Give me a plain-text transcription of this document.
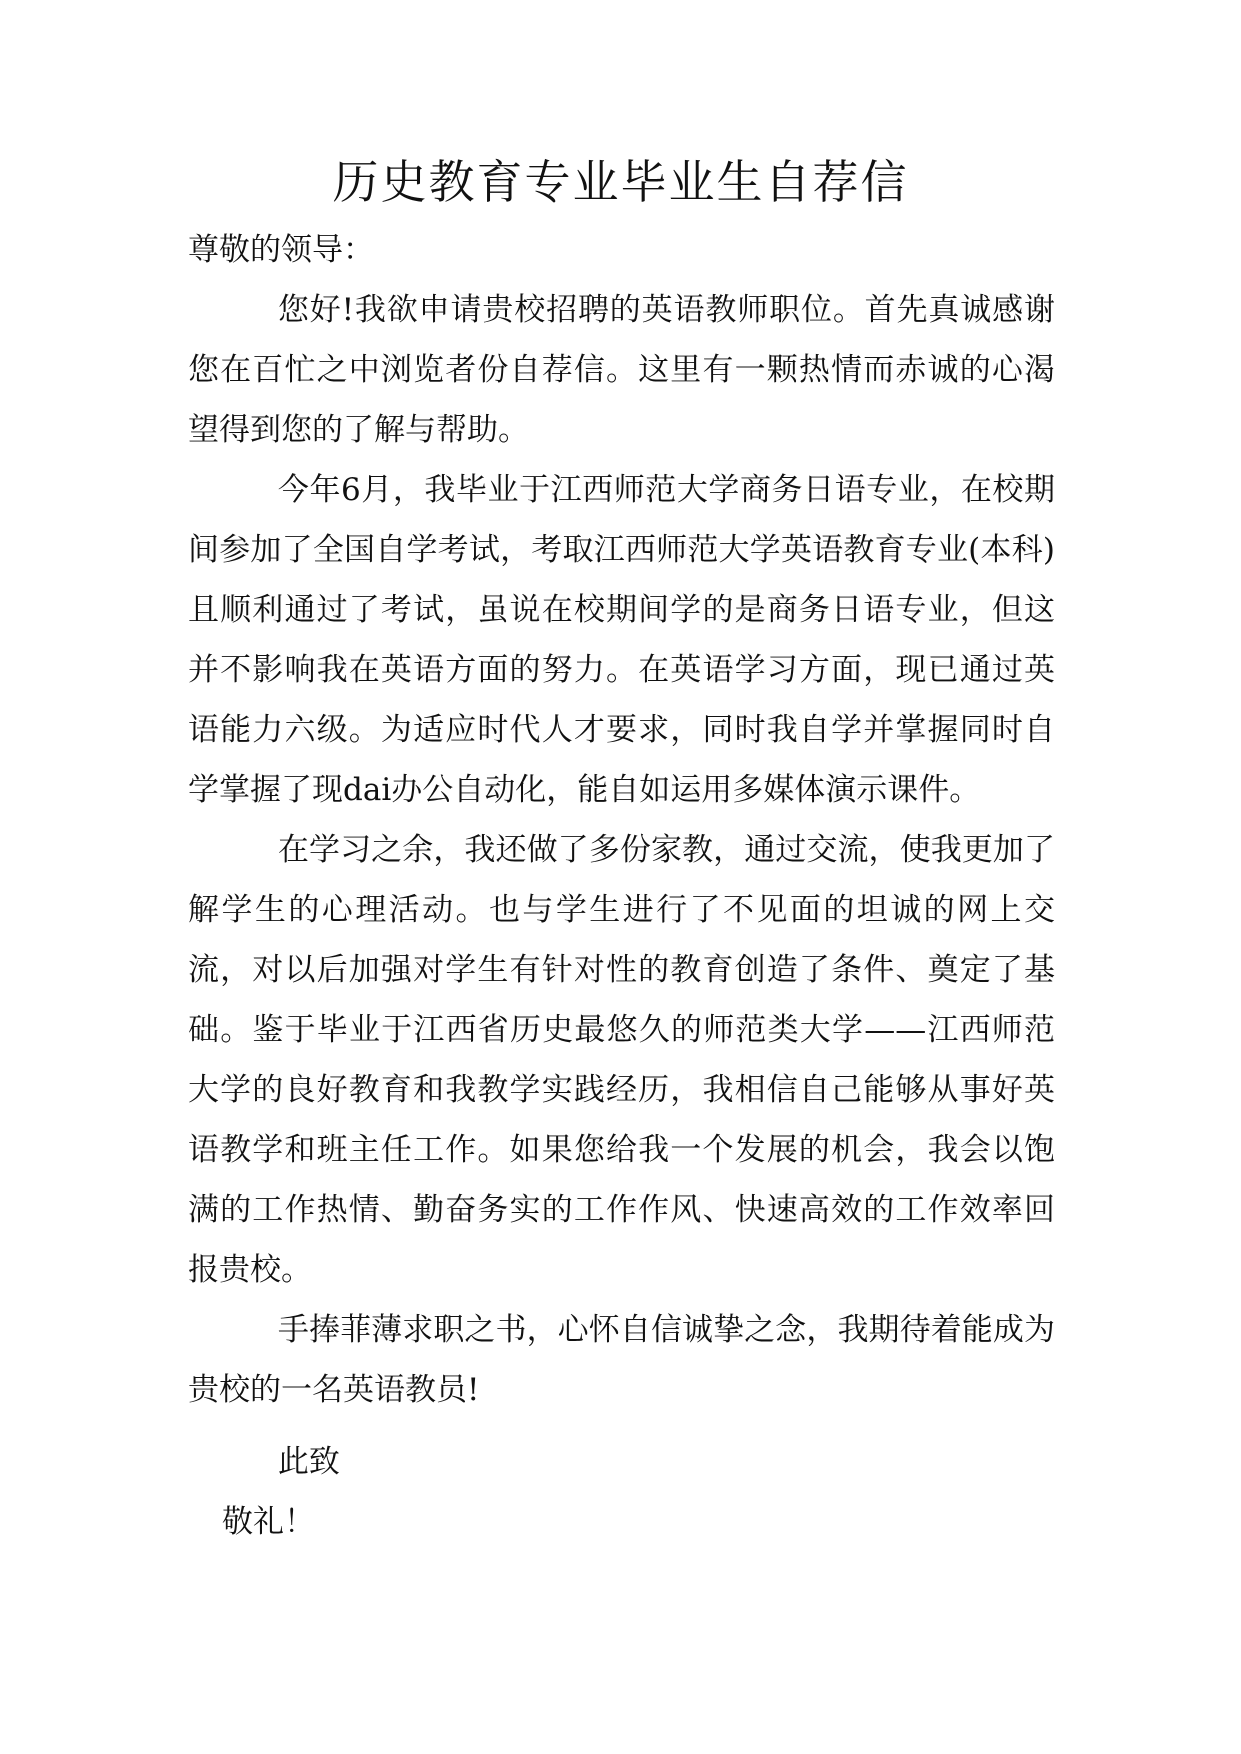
历史教育专业毕业生自荐信

尊敬的领导：

您好!我欲申请贵校招聘的英语教师职位。首先真诚感谢您在百忙之中浏览者份自荐信。这里有一颗热情而赤诚的心渴望得到您的了解与帮助。

今年6月，我毕业于江西师范大学商务日语专业，在校期间参加了全国自学考试，考取江西师范大学英语教育专业(本科)且顺利通过了考试，虽说在校期间学的是商务日语专业，但这并不影响我在英语方面的努力。在英语学习方面，现已通过英语能力六级。为适应时代人才要求，同时我自学并掌握同时自学掌握了现dai办公自动化，能自如运用多媒体演示课件。

在学习之余，我还做了多份家教，通过交流，使我更加了解学生的心理活动。也与学生进行了不见面的坦诚的网上交流，对以后加强对学生有针对性的教育创造了条件、奠定了基础。鉴于毕业于江西省历史最悠久的师范类大学——江西师范大学的良好教育和我教学实践经历，我相信自己能够从事好英语教学和班主任工作。如果您给我一个发展的机会，我会以饱满的工作热情、勤奋务实的工作作风、快速高效的工作效率回报贵校。

手捧菲薄求职之书，心怀自信诚挚之念，我期待着能成为贵校的一名英语教员!

此致

敬礼！
